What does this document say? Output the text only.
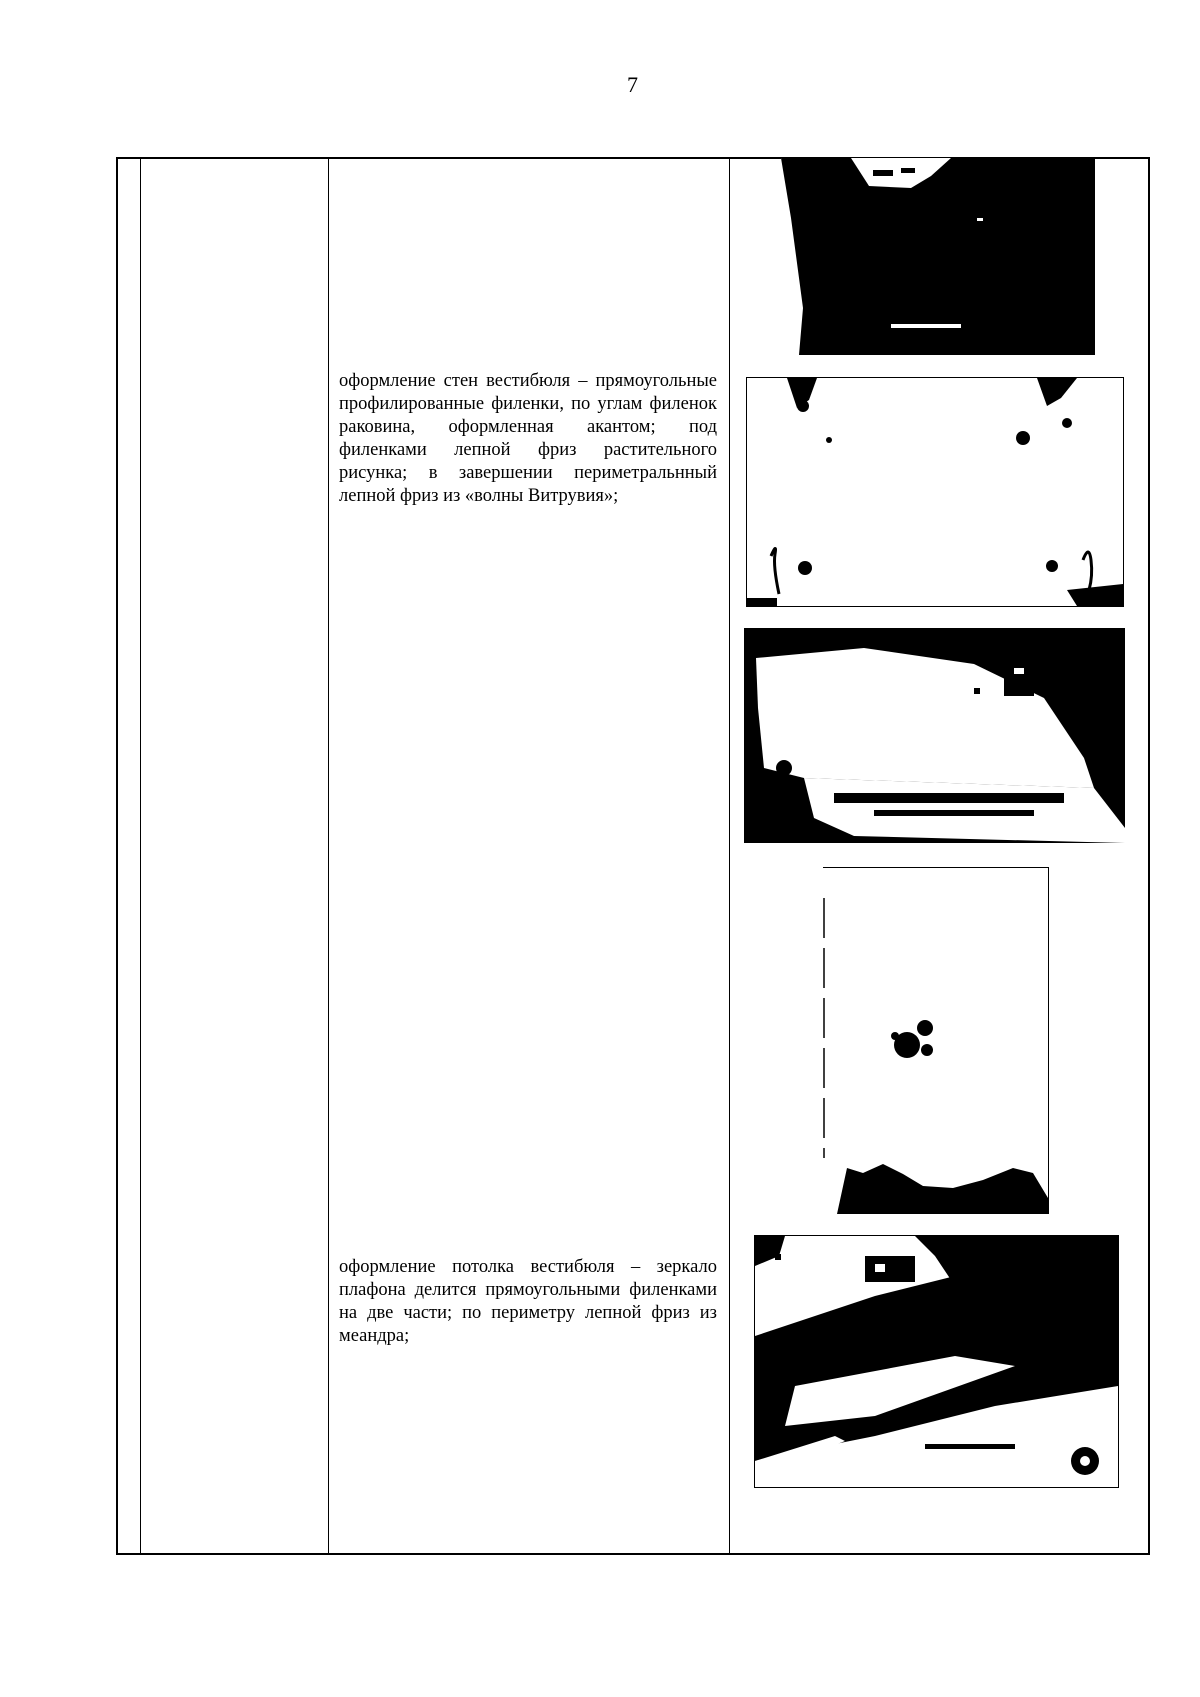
7
оформление стен вестибюля – прямоугольные профилированные филенки, по углам филенок раковина, оформленная акантом; под филенками лепной фриз растительного рисунка; в завершении периметральнный лепной фриз из «волны Витрувия»;
оформление потолка вестибюля – зеркало плафона делится прямоугольными филенками на две части; по периметру лепной фриз из меандра;
